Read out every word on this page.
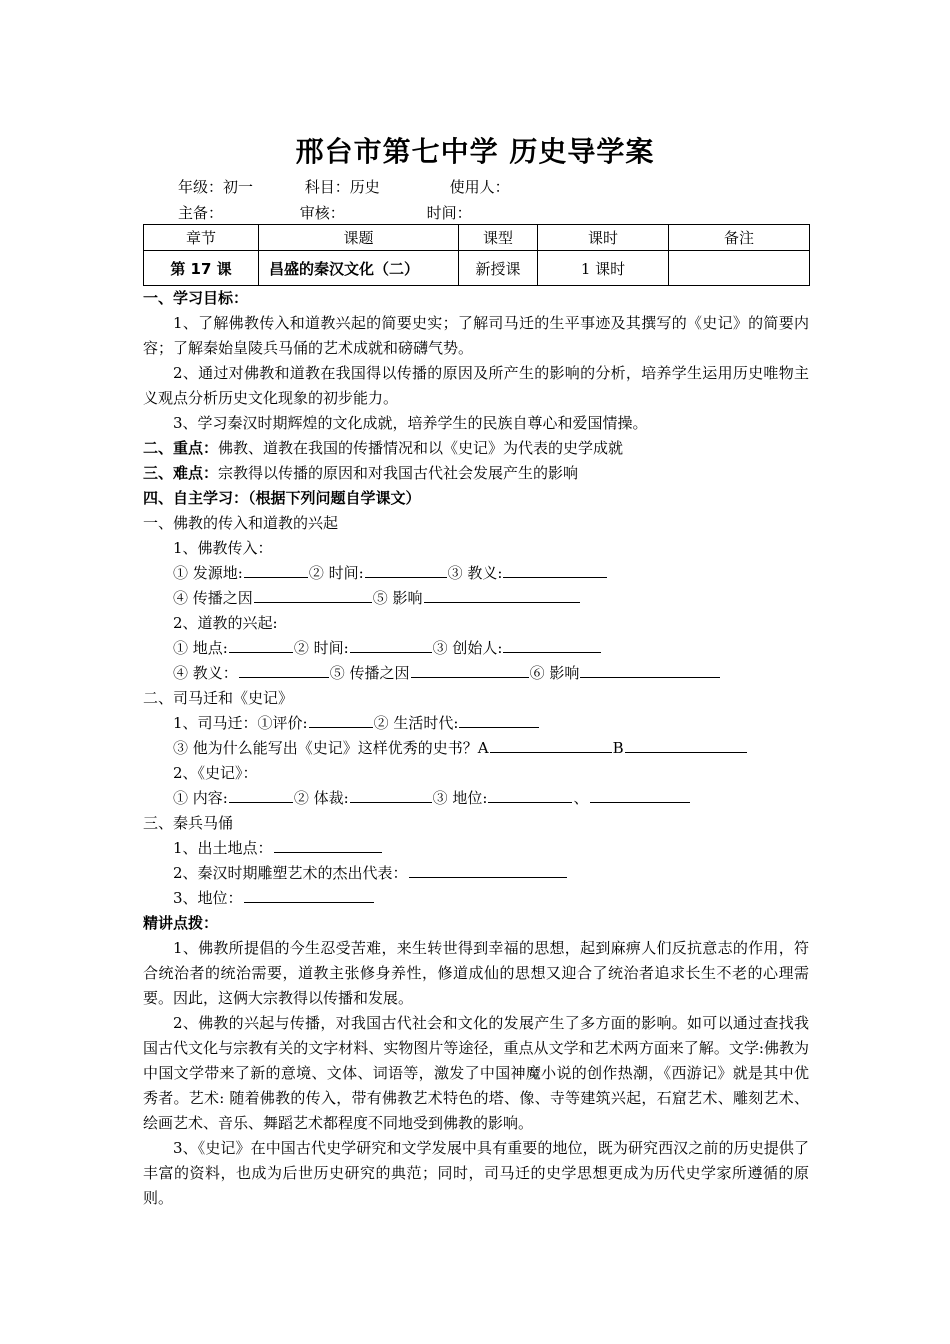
邢台市第七中学 历史导学案
年级：初一	科目：历史	使用人：
主备：	审核：	时间：
章节	课题	课型	课时	备注
第 17 课	昌盛的秦汉文化（二）	新授课	1 课时	

一、学习目标：

1、了解佛教传入和道教兴起的简要史实；了解司马迁的生平事迹及其撰写的《史记》的简要内容；了解秦始皇陵兵马俑的艺术成就和磅礴气势。

2、通过对佛教和道教在我国得以传播的原因及所产生的影响的分析，培养学生运用历史唯物主义观点分析历史文化现象的初步能力。

3、学习秦汉时期辉煌的文化成就，培养学生的民族自尊心和爱国情操。

二、重点：佛教、道教在我国的传播情况和以《史记》为代表的史学成就

三、难点：宗教得以传播的原因和对我国古代社会发展产生的影响

四、自主学习：（根据下列问题自学课文）

一、佛教的传入和道教的兴起

1、佛教传入：

① 发源地:	② 时间:	③ 教义:

④ 传播之因	⑤ 影响

2、道教的兴起:

① 地点:	② 时间:	③ 创始人:

④ 教义：	⑤ 传播之因	⑥ 影响

二、司马迁和《史记》

1、司马迁：①评价:	② 生活时代:

③ 他为什么能写出《史记》这样优秀的史书？A	B

2、《史记》：

① 内容:	② 体裁:	③ 地位:	、

三、秦兵马俑

1、出土地点：

2、秦汉时期雕塑艺术的杰出代表：

3、地位：

精讲点拨：

1、佛教所提倡的今生忍受苦难，来生转世得到幸福的思想，起到麻痹人们反抗意志的作用，符合统治者的统治需要，道教主张修身养性，修道成仙的思想又迎合了统治者追求长生不老的心理需要。因此，这俩大宗教得以传播和发展。

2、佛教的兴起与传播，对我国古代社会和文化的发展产生了多方面的影响。如可以通过查找我国古代文化与宗教有关的文字材料、实物图片等途径，重点从文学和艺术两方面来了解。文学:佛教为中国文学带来了新的意境、文体、词语等，激发了中国神魔小说的创作热潮，《西游记》就是其中优秀者。艺术: 随着佛教的传入，带有佛教艺术特色的塔、像、寺等建筑兴起，石窟艺术、雕刻艺术、绘画艺术、音乐、舞蹈艺术都程度不同地受到佛教的影响。

3、《史记》在中国古代史学研究和文学发展中具有重要的地位，既为研究西汉之前的历史提供了丰富的资料，也成为后世历史研究的典范；同时，司马迁的史学思想更成为历代史学家所遵循的原则。
